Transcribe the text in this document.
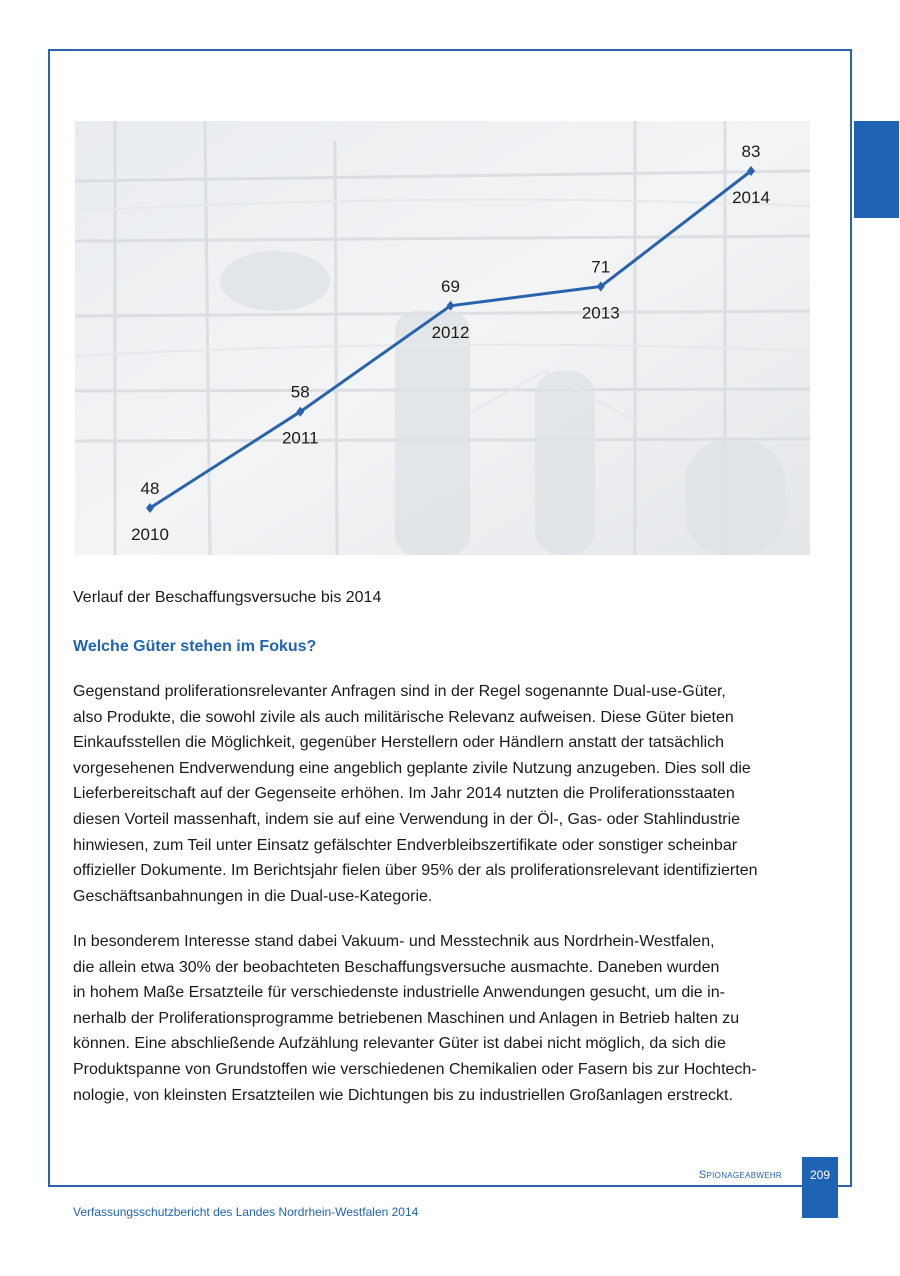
48
2010
58
2011
69
2012
71
2013
83
2014
Verlauf der Beschaffungsversuche bis 2014
Welche Güter stehen im Fokus?
Gegenstand proliferationsrelevanter Anfragen sind in der Regel sogenannte Dual-use-Güter,
also Produkte, die sowohl zivile als auch militärische Relevanz aufweisen. Diese Güter bieten
Einkaufsstellen die Möglichkeit, gegenüber Herstellern oder Händlern anstatt der tatsächlich
vorgesehenen Endverwendung eine angeblich geplante zivile Nutzung anzugeben. Dies soll die
Lieferbereitschaft auf der Gegenseite erhöhen. Im Jahr 2014 nutzten die Proliferationsstaaten
diesen Vorteil massenhaft, indem sie auf eine Verwendung in der Öl-, Gas- oder Stahlindustrie
hinwiesen, zum Teil unter Einsatz gefälschter Endverbleibszertifikate oder sonstiger scheinbar
offizieller Dokumente. Im Berichtsjahr fielen über 95% der als proliferationsrelevant identifizierten
Geschäftsanbahnungen in die Dual-use-Kategorie.
In besonderem Interesse stand dabei Vakuum- und Messtechnik aus Nordrhein-Westfalen,
die allein etwa 30% der beobachteten Beschaffungsversuche ausmachte. Daneben wurden
in hohem Maße Ersatzteile für verschiedenste industrielle Anwendungen gesucht, um die in-
nerhalb der Proliferationsprogramme betriebenen Maschinen und Anlagen in Betrieb halten zu
können. Eine abschließende Aufzählung relevanter Güter ist dabei nicht möglich, da sich die
Produktspanne von Grundstoffen wie verschiedenen Chemikalien oder Fasern bis zur Hochtech-
nologie, von kleinsten Ersatzteilen wie Dichtungen bis zu industriellen Großanlagen erstreckt.
Spionageabwehr	209
Verfassungsschutzbericht des Landes Nordrhein-Westfalen 2014
